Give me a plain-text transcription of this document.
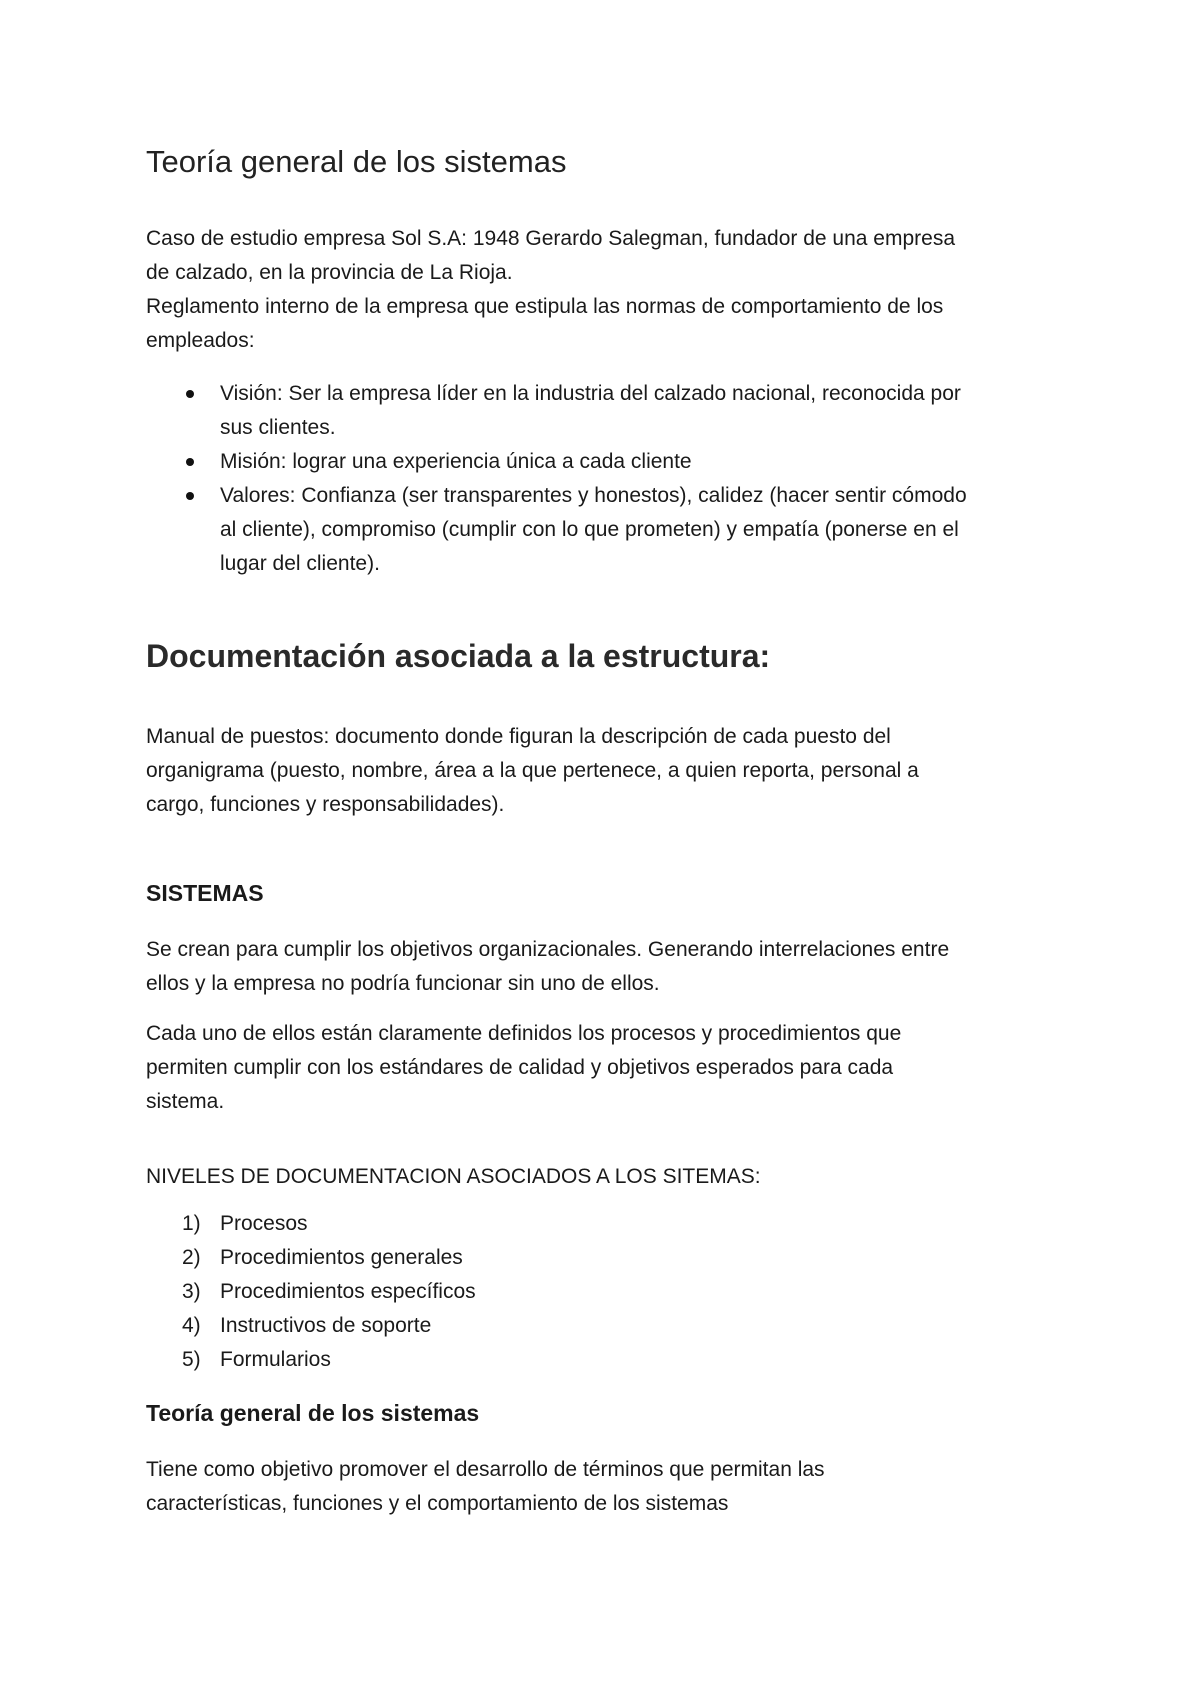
Teoría general de los sistemas
Caso de estudio empresa Sol S.A: 1948 Gerardo Salegman, fundador de una empresa
de calzado, en la provincia de La Rioja.
Reglamento interno de la empresa que estipula las normas de comportamiento de los
empleados:
Visión: Ser la empresa líder en la industria del calzado nacional, reconocida por
sus clientes.
Misión: lograr una experiencia única a cada cliente
Valores: Confianza (ser transparentes y honestos), calidez (hacer sentir cómodo
al cliente), compromiso (cumplir con lo que prometen) y empatía (ponerse en el
lugar del cliente).
Documentación asociada a la estructura:
Manual de puestos: documento donde figuran la descripción de cada puesto del
organigrama (puesto, nombre, área a la que pertenece, a quien reporta, personal a
cargo, funciones y responsabilidades).
SISTEMAS
Se crean para cumplir los objetivos organizacionales. Generando interrelaciones entre
ellos y la empresa no podría funcionar sin uno de ellos.
Cada uno de ellos están claramente definidos los procesos y procedimientos que
permiten cumplir con los estándares de calidad y objetivos esperados para cada
sistema.
NIVELES DE DOCUMENTACION ASOCIADOS A LOS SITEMAS:
1) Procesos
2) Procedimientos generales
3) Procedimientos específicos
4) Instructivos de soporte
5) Formularios
Teoría general de los sistemas
Tiene como objetivo promover el desarrollo de términos que permitan las
características, funciones y el comportamiento de los sistemas
